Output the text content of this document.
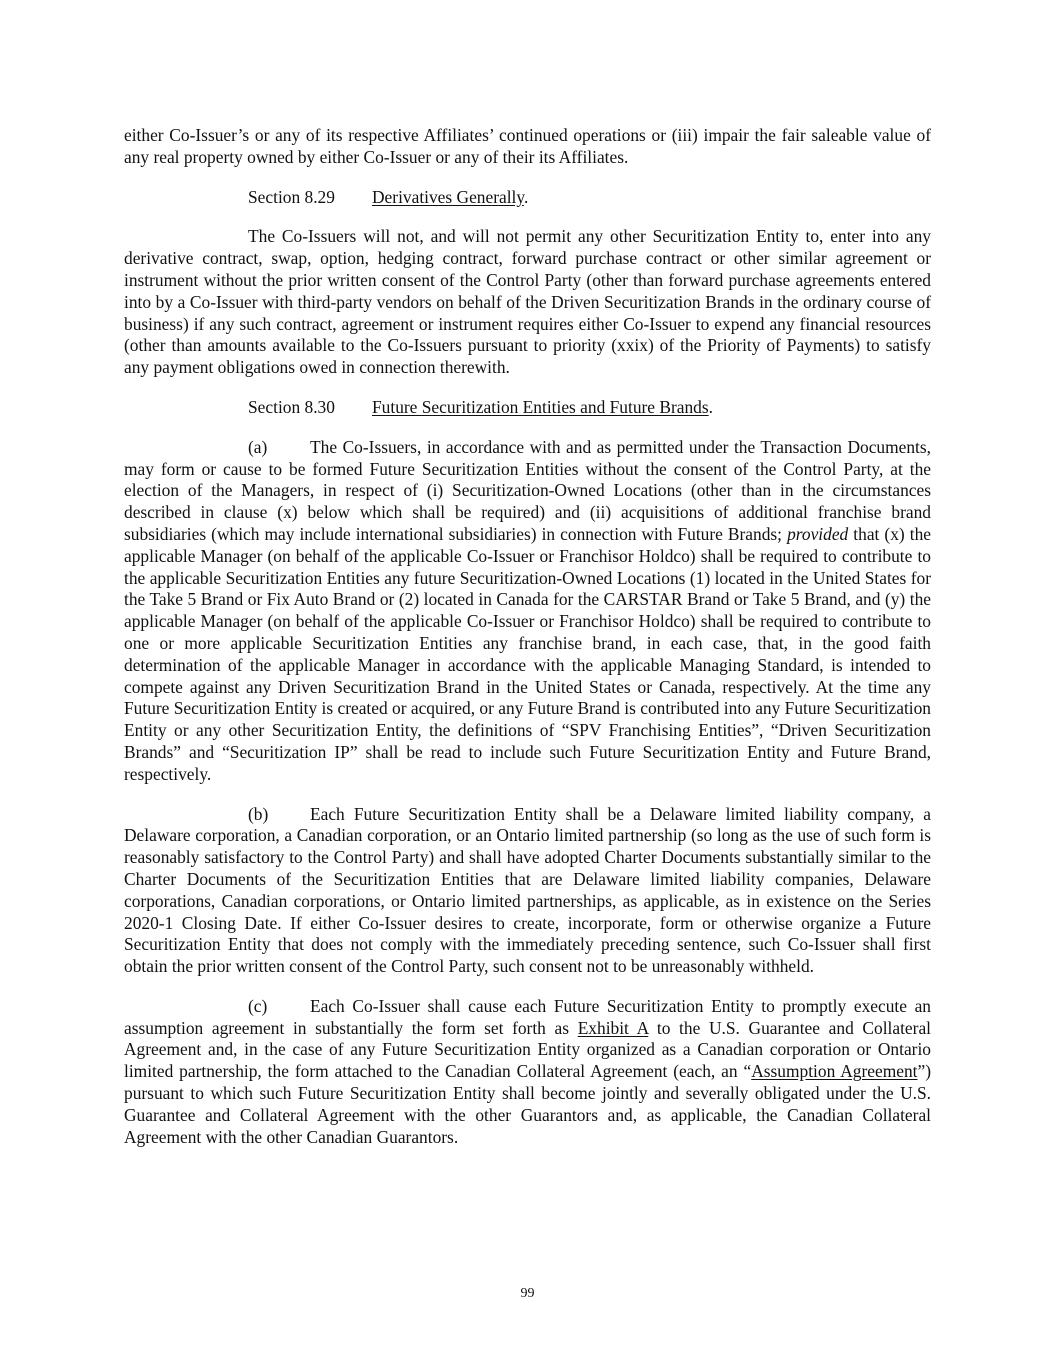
either Co-Issuer’s or any of its respective Affiliates’ continued operations or (iii) impair the fair saleable value of any real property owned by either Co-Issuer or any of their its Affiliates.

Section 8.29 Derivatives Generally.

The Co-Issuers will not, and will not permit any other Securitization Entity to, enter into any derivative contract, swap, option, hedging contract, forward purchase contract or other similar agreement or instrument without the prior written consent of the Control Party (other than forward purchase agreements entered into by a Co-Issuer with third-party vendors on behalf of the Driven Securitization Brands in the ordinary course of business) if any such contract, agreement or instrument requires either Co-Issuer to expend any financial resources (other than amounts available to the Co-Issuers pursuant to priority (xxix) of the Priority of Payments) to satisfy any payment obligations owed in connection therewith.

Section 8.30 Future Securitization Entities and Future Brands.

(a) The Co-Issuers, in accordance with and as permitted under the Transaction Documents, may form or cause to be formed Future Securitization Entities without the consent of the Control Party, at the election of the Managers, in respect of (i) Securitization-Owned Locations (other than in the circumstances described in clause (x) below which shall be required) and (ii) acquisitions of additional franchise brand subsidiaries (which may include international subsidiaries) in connection with Future Brands; provided that (x) the applicable Manager (on behalf of the applicable Co-Issuer or Franchisor Holdco) shall be required to contribute to the applicable Securitization Entities any future Securitization-Owned Locations (1) located in the United States for the Take 5 Brand or Fix Auto Brand or (2) located in Canada for the CARSTAR Brand or Take 5 Brand, and (y) the applicable Manager (on behalf of the applicable Co-Issuer or Franchisor Holdco) shall be required to contribute to one or more applicable Securitization Entities any franchise brand, in each case, that, in the good faith determination of the applicable Manager in accordance with the applicable Managing Standard, is intended to compete against any Driven Securitization Brand in the United States or Canada, respectively. At the time any Future Securitization Entity is created or acquired, or any Future Brand is contributed into any Future Securitization Entity or any other Securitization Entity, the definitions of “SPV Franchising Entities”, “Driven Securitization Brands” and “Securitization IP” shall be read to include such Future Securitization Entity and Future Brand, respectively.

(b) Each Future Securitization Entity shall be a Delaware limited liability company, a Delaware corporation, a Canadian corporation, or an Ontario limited partnership (so long as the use of such form is reasonably satisfactory to the Control Party) and shall have adopted Charter Documents substantially similar to the Charter Documents of the Securitization Entities that are Delaware limited liability companies, Delaware corporations, Canadian corporations, or Ontario limited partnerships, as applicable, as in existence on the Series 2020-1 Closing Date. If either Co-Issuer desires to create, incorporate, form or otherwise organize a Future Securitization Entity that does not comply with the immediately preceding sentence, such Co-Issuer shall first obtain the prior written consent of the Control Party, such consent not to be unreasonably withheld.

(c) Each Co-Issuer shall cause each Future Securitization Entity to promptly execute an assumption agreement in substantially the form set forth as Exhibit A to the U.S. Guarantee and Collateral Agreement and, in the case of any Future Securitization Entity organized as a Canadian corporation or Ontario limited partnership, the form attached to the Canadian Collateral Agreement (each, an “Assumption Agreement”) pursuant to which such Future Securitization Entity shall become jointly and severally obligated under the U.S. Guarantee and Collateral Agreement with the other Guarantors and, as applicable, the Canadian Collateral Agreement with the other Canadian Guarantors.

99
